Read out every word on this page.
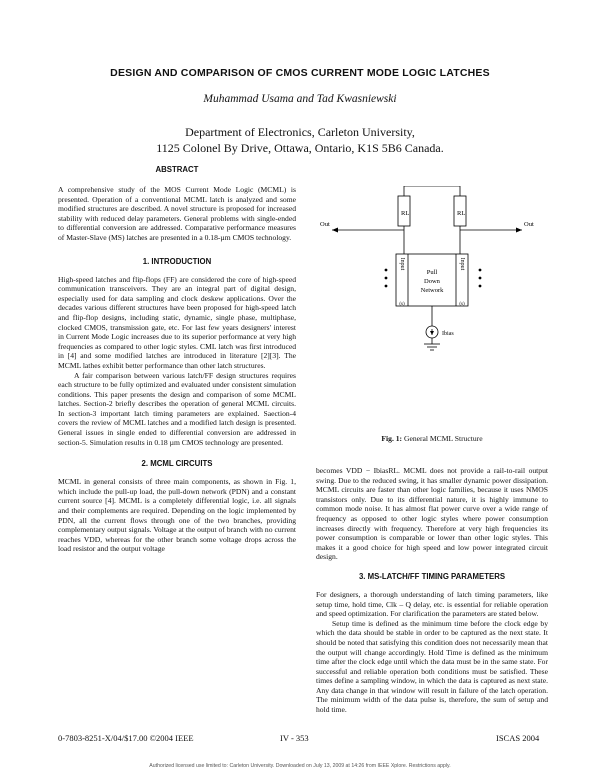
DESIGN AND COMPARISON OF CMOS CURRENT MODE LOGIC LATCHES
Muhammad Usama and Tad Kwasniewski
Department of Electronics, Carleton University,
1125 Colonel By Drive, Ottawa, Ontario, K1S 5B6 Canada.
ABSTRACT

A comprehensive study of the MOS Current Mode Logic (MCML) is presented. Operation of a conventional MCML latch is analyzed and some modified structures are described. A novel structure is proposed for increased stability with reduced delay parameters. General problems with single-ended to differential conversion are addressed. Comparative performance measures of Master-Slave (MS) latches are presented in a 0.18-µm CMOS technology.

1. INTRODUCTION

High-speed latches and flip-flops (FF) are considered the core of high-speed communication transceivers. They are an integral part of digital design, especially used for data sampling and clock deskew applications. Over the decades various different structures have been proposed for high-speed latch and flip-flop designs, including static, dynamic, single phase, multiphase, clocked CMOS, transmission gate, etc. For last few years designers' interest in Current Mode Logic increases due to its superior performance at very high frequencies as compared to other logic styles. CML latch was first introduced in [4] and some modified latches are introduced in literature [2][3]. The MCML lathes exhibit better performance than other latch structures.

A fair comparison between various latch/FF design structures requires each structure to be fully optimized and evaluated under consistent simulation conditions. This paper presents the design and comparison of some MCML latches. Section-2 briefly describes the operation of general MCML circuits. In section-3 important latch timing parameters are explained. Saection-4 covers the review of MCML latches and a modified latch design is presented. General issues in single ended to differential conversion are addressed in section-5. Simulation results in 0.18 µm CMOS technology are presented.

2. MCML CIRCUITS

MCML in general consists of three main components, as shown in Fig. 1, which include the pull-up load, the pull-down network (PDN) and a constant current source [4]. MCML is a completely differential logic, i.e. all signals and their complements are required. Depending on the logic implemented by PDN, all the current flows through one of the two branches, providing complementary output signals. Voltage at the output of branch with no current reaches VDD, whereas for the other branch some voltage drops across the load resistor and the output voltage

RL	RL
Out	Out
Pull
Down
Network
Input	Input
(s)	(s)
Ibias
Fig. 1: General MCML Structure

becomes VDD − IbiasRL. MCML does not provide a rail-to-rail output swing. Due to the reduced swing, it has smaller dynamic power dissipation. MCML circuits are faster than other logic families, because it uses NMOS transistors only. Due to its differential nature, it is highly immune to common mode noise. It has almost flat power curve over a wide range of frequency as opposed to other logic styles where power consumption increases directly with frequency. Therefore at very high frequencies its power consumption is comparable or lower than other logic styles. This makes it a good choice for high speed and low power integrated circuit design.

3. MS-LATCH/FF TIMING PARAMETERS

For designers, a thorough understanding of latch timing parameters, like setup time, hold time, Clk – Q delay, etc. is essential for reliable operation and speed optimization. For clarification the parameters are stated below.

Setup time is defined as the minimum time before the clock edge by which the data should be stable in order to be captured as the next state. It should be noted that satisfying this condition does not necessarily mean that the output will change accordingly. Hold Time is defined as the minimum time after the clock edge until which the data must be in the same state. For successful and reliable operation both conditions must be satisfied. These times define a sampling window, in which the data is captured as next state. Any data change in that window will result in failure of the latch operation. The minimum width of the data pulse is, therefore, the sum of setup and hold time.

0-7803-8251-X/04/$17.00 ©2004 IEEE	IV - 353	ISCAS 2004
Authorized licensed use limited to: Carleton University. Downloaded on July 13, 2009 at 14:26 from IEEE Xplore. Restrictions apply.
